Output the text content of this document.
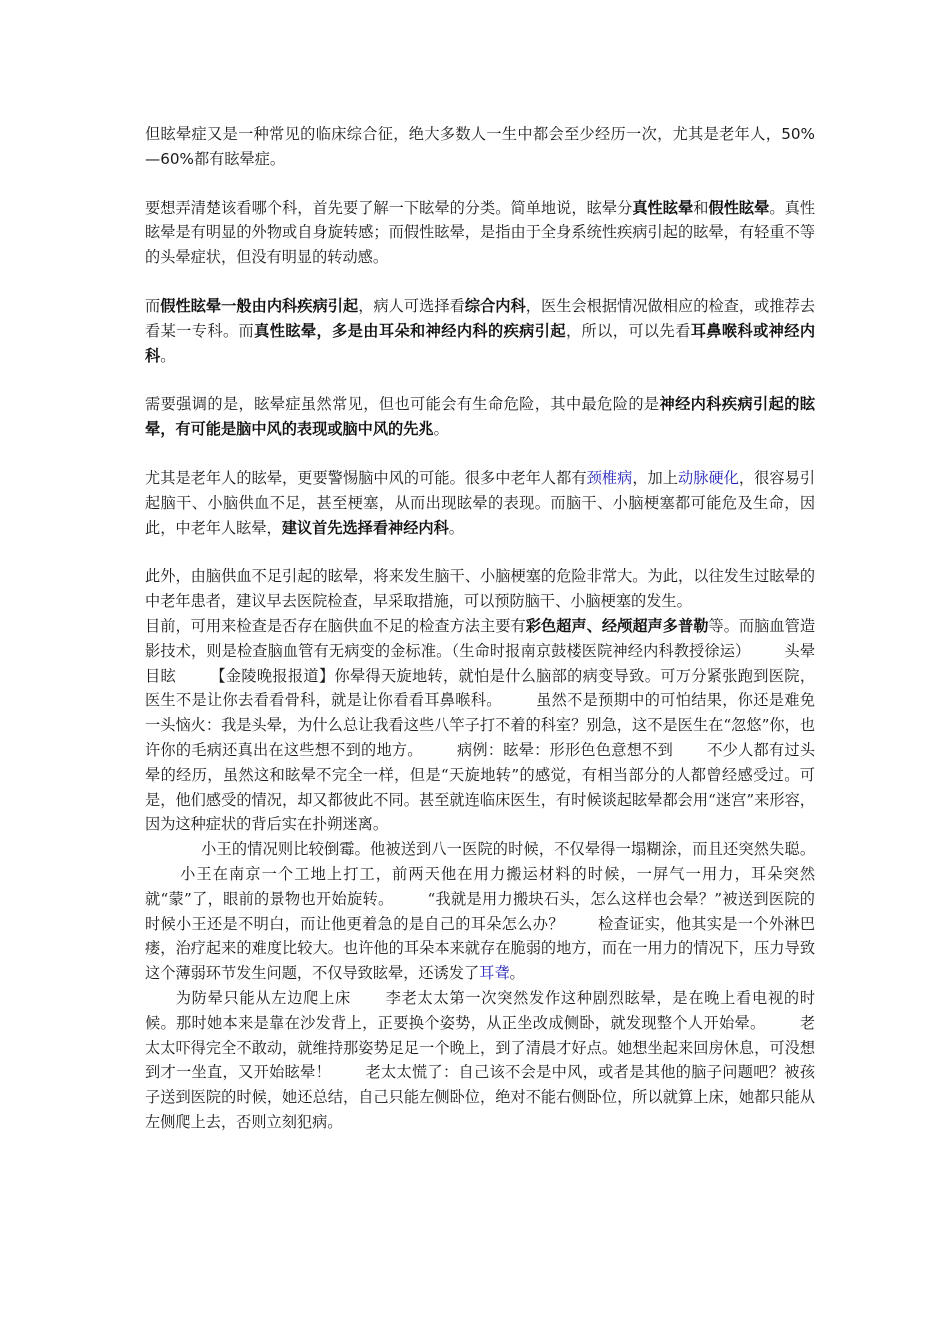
但眩晕症又是一种常见的临床综合征，绝大多数人一生中都会至少经历一次，尤其是老年人，50%—60%都有眩晕症。

要想弄清楚该看哪个科，首先要了解一下眩晕的分类。简单地说，眩晕分真性眩晕和假性眩晕。真性眩晕是有明显的外物或自身旋转感；而假性眩晕，是指由于全身系统性疾病引起的眩晕，有轻重不等的头晕症状，但没有明显的转动感。

而假性眩晕一般由内科疾病引起，病人可选择看综合内科，医生会根据情况做相应的检查，或推荐去看某一专科。而真性眩晕，多是由耳朵和神经内科的疾病引起，所以，可以先看耳鼻喉科或神经内科。

需要强调的是，眩晕症虽然常见，但也可能会有生命危险，其中最危险的是神经内科疾病引起的眩晕，有可能是脑中风的表现或脑中风的先兆。

尤其是老年人的眩晕，更要警惕脑中风的可能。很多中老年人都有颈椎病，加上动脉硬化，很容易引起脑干、小脑供血不足，甚至梗塞，从而出现眩晕的表现。而脑干、小脑梗塞都可能危及生命，因此，中老年人眩晕，建议首先选择看神经内科。

此外，由脑供血不足引起的眩晕，将来发生脑干、小脑梗塞的危险非常大。为此，以往发生过眩晕的中老年患者，建议早去医院检查，早采取措施，可以预防脑干、小脑梗塞的发生。

目前，可用来检查是否存在脑供血不足的检查方法主要有彩色超声、经颅超声多普勒等。而脑血管造影技术，则是检查脑血管有无病变的金标准。（生命时报南京鼓楼医院神经内科教授徐运） 头晕目眩 【金陵晚报报道】你晕得天旋地转，就怕是什么脑部的病变导致。可万分紧张跑到医院，医生不是让你去看看骨科，就是让你看看耳鼻喉科。 虽然不是预期中的可怕结果，你还是难免一头恼火：我是头晕，为什么总让我看这些八竿子打不着的科室？别急，这不是医生在“忽悠”你，也许你的毛病还真出在这些想不到的地方。 病例：眩晕：形形色色意想不到 不少人都有过头晕的经历，虽然这和眩晕不完全一样，但是“天旋地转”的感觉，有相当部分的人都曾经感受过。可是，他们感受的情况，却又都彼此不同。甚至就连临床医生，有时候谈起眩晕都会用“迷宫”来形容，因为这种症状的背后实在扑朔迷离。

小王的情况则比较倒霉。他被送到八一医院的时候，不仅晕得一塌糊涂，而且还突然失聪。小王在南京一个工地上打工，前两天他在用力搬运材料的时候，一屏气一用力，耳朵突然就“蒙”了，眼前的景物也开始旋转。 “我就是用力搬块石头，怎么这样也会晕？”被送到医院的时候小王还是不明白，而让他更着急的是自己的耳朵怎么办？ 检查证实，他其实是一个外淋巴瘘，治疗起来的难度比较大。也许他的耳朵本来就存在脆弱的地方，而在一用力的情况下，压力导致这个薄弱环节发生问题，不仅导致眩晕，还诱发了耳聋。

为防晕只能从左边爬上床 李老太太第一次突然发作这种剧烈眩晕，是在晚上看电视的时候。那时她本来是靠在沙发背上，正要换个姿势，从正坐改成侧卧，就发现整个人开始晕。 老太太吓得完全不敢动，就维持那姿势足足一个晚上，到了清晨才好点。她想坐起来回房休息，可没想到才一坐直，又开始眩晕！ 老太太慌了：自己该不会是中风，或者是其他的脑子问题吧？被孩子送到医院的时候，她还总结，自己只能左侧卧位，绝对不能右侧卧位，所以就算上床，她都只能从左侧爬上去，否则立刻犯病。
